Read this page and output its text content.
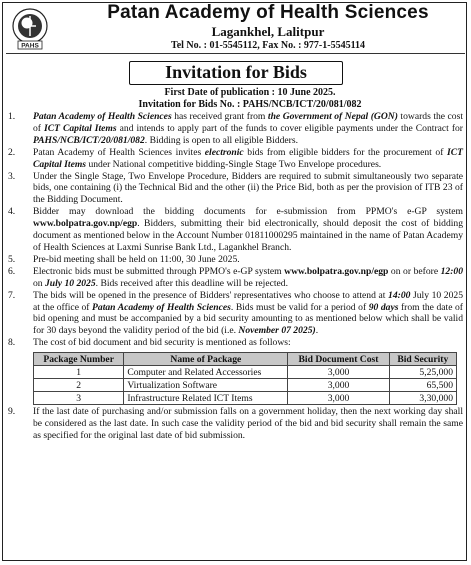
PAHS
Patan Academy of Health Sciences
Lagankhel, Lalitpur
Tel No. : 01-5545112, Fax No. : 977-1-5545114
Invitation for Bids
First Date of publication : 10 June 2025.
Invitation for Bids No. : PAHS/NCB/ICT/20/081/082
1. Patan Academy of Health Sciences has received grant from the Government of Nepal (GON) towards the cost of ICT Capital Items and intends to apply part of the funds to cover eligible payments under the Contract for PAHS/NCB/ICT/20/081/082. Bidding is open to all eligible Bidders.
2. Patan Academy of Health Sciences invites electronic bids from eligible bidders for the procurement of ICT Capital Items under National competitive bidding-Single Stage Two Envelope procedures.
3. Under the Single Stage, Two Envelope Procedure, Bidders are required to submit simultaneously two separate bids, one containing (i) the Technical Bid and the other (ii) the Price Bid, both as per the provision of ITB 23 of the Bidding Document.
4. Bidder may download the bidding documents for e-submission from PPMO's e-GP system www.bolpatra.gov.np/egp. Bidders, submitting their bid electronically, should deposit the cost of bidding document as mentioned below in the Account Number 01811000295 maintained in the name of Patan Academy of Health Sciences at Laxmi Sunrise Bank Ltd., Lagankhel Branch.
5. Pre-bid meeting shall be held on 11:00, 30 June 2025.
6. Electronic bids must be submitted through PPMO's e-GP system www.bolpatra.gov.np/egp on or before 12:00 on July 10 2025. Bids received after this deadline will be rejected.
7. The bids will be opened in the presence of Bidders' representatives who choose to attend at 14:00 July 10 2025 at the office of Patan Academy of Health Sciences. Bids must be valid for a period of 90 days from the date of bid opening and must be accompanied by a bid security amounting to as mentioned below which shall be valid for 30 days beyond the validity period of the bid (i.e. November 07 2025).
8. The cost of bid document and bid security is mentioned as follows:
Package Number	Name of Package	Bid Document Cost	Bid Security
1	Computer and Related Accessories	3,000	5,25,000
2	Virtualization Software	3,000	65,500
3	Infrastructure Related ICT Items	3,000	3,30,000
9. If the last date of purchasing and/or submission falls on a government holiday, then the next working day shall be considered as the last date. In such case the validity period of the bid and bid security shall remain the same as specified for the original last date of bid submission.
